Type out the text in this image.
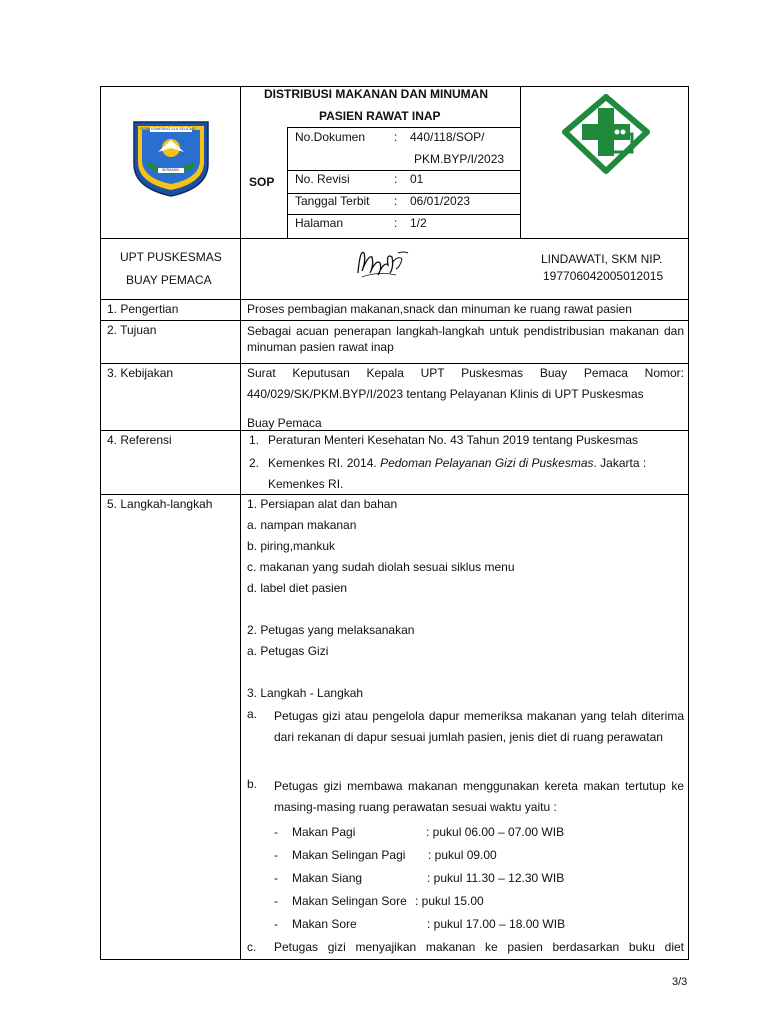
OGAN KOMERING ULU SELATAN
SERASAN
DISTRIBUSI MAKANAN DAN MINUMAN
PASIEN RAWAT INAP
SOP
No.Dokumen : 440/118/SOP/
PKM.BYP/I/2023
No. Revisi	: 01
Tanggal Terbit : 06/01/2023
Halaman	: 1/2
UPT PUSKESMAS
BUAY PEMACA
LINDAWATI, SKM NIP.
197706042005012015
1. Pengertian	Proses pembagian makanan,snack dan minuman ke ruang rawat pasien
2. Tujuan	Sebagai acuan penerapan langkah-langkah untuk pendistribusian makanan dan minuman pasien rawat inap
3. Kebijakan	Surat Keputusan Kepala UPT Puskesmas Buay Pemaca Nomor:
440/029/SK/PKM.BYP/I/2023 tentang Pelayanan Klinis di UPT Puskesmas
Buay Pemaca
4. Referensi	1. Peraturan Menteri Kesehatan No. 43 Tahun 2019 tentang Puskesmas
2. Kemenkes RI. 2014. Pedoman Pelayanan Gizi di Puskesmas. Jakarta :
Kemenkes RI.
5. Langkah-langkah	1. Persiapan alat dan bahan
a. nampan makanan
b. piring,mankuk
c. makanan yang sudah diolah sesuai siklus menu
d. label diet pasien
2. Petugas yang melaksanakan
a. Petugas Gizi
3. Langkah - Langkah
a. Petugas gizi atau pengelola dapur memeriksa makanan yang telah diterima dari rekanan di dapur sesuai jumlah pasien, jenis diet di ruang perawatan
b. Petugas gizi membawa makanan menggunakan kereta makan tertutup ke masing-masing ruang perawatan sesuai waktu yaitu :
- Makan Pagi	: pukul 06.00 – 07.00 WIB
- Makan Selingan Pagi : pukul 09.00
- Makan Siang	: pukul 11.30 – 12.30 WIB
- Makan Selingan Sore : pukul 15.00
- Makan Sore	: pukul 17.00 – 18.00 WIB
c. Petugas gizi menyajikan makanan ke pasien berdasarkan buku diet
3/3
